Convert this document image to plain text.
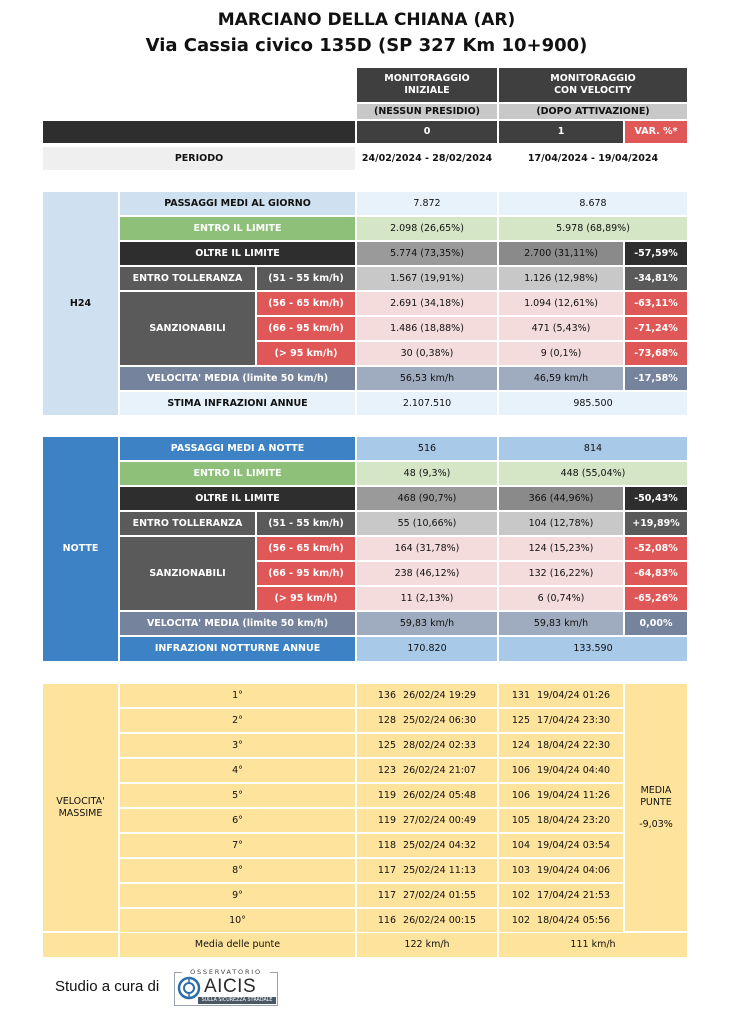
MARCIANO DELLA CHIANA (AR)
Via Cassia civico 135D (SP 327 Km 10+900)
MONITORAGGIO
INIZIALE
MONITORAGGIO
CON VELOCITY
(NESSUN PRESIDIO)	(DOPO ATTIVAZIONE)
0	1	VAR. %*
PERIODO	24/02/2024 - 28/02/2024	17/04/2024 - 19/04/2024
H24
PASSAGGI MEDI AL GIORNO	7.872	8.678
ENTRO IL LIMITE	2.098 (26,65%)	5.978 (68,89%)
OLTRE IL LIMITE	5.774 (73,35%)	2.700 (31,11%)	-57,59%
ENTRO TOLLERANZA	(51 - 55 km/h)	1.567 (19,91%)	1.126 (12,98%)	-34,81%
SANZIONABILI
(56 - 65 km/h)	2.691 (34,18%)	1.094 (12,61%)	-63,11%
(66 - 95 km/h)	1.486 (18,88%)	471 (5,43%)	-71,24%
(> 95 km/h)	30 (0,38%)	9 (0,1%)	-73,68%
VELOCITA' MEDIA (limite 50 km/h)	56,53 km/h	46,59 km/h	-17,58%
STIMA INFRAZIONI ANNUE	2.107.510	985.500
NOTTE
PASSAGGI MEDI A NOTTE	516	814
ENTRO IL LIMITE	48 (9,3%)	448 (55,04%)
OLTRE IL LIMITE	468 (90,7%)	366 (44,96%)	-50,43%
ENTRO TOLLERANZA	(51 - 55 km/h)	55 (10,66%)	104 (12,78%)	+19,89%
SANZIONABILI
(56 - 65 km/h)	164 (31,78%)	124 (15,23%)	-52,08%
(66 - 95 km/h)	238 (46,12%)	132 (16,22%)	-64,83%
(> 95 km/h)	11 (2,13%)	6 (0,74%)	-65,26%
VELOCITA' MEDIA (limite 50 km/h)	59,83 km/h	59,83 km/h	0,00%
INFRAZIONI NOTTURNE ANNUE	170.820	133.590
VELOCITA'
MASSIME
MEDIA
PUNTE
-9,03%
1°	136 26/02/24 19:29	131 19/04/24 01:26
2°	128 25/02/24 06:30	125 17/04/24 23:30
3°	125 28/02/24 02:33	124 18/04/24 22:30
4°	123 26/02/24 21:07	106 19/04/24 04:40
5°	119 26/02/24 05:48	106 19/04/24 11:26
6°	119 27/02/24 00:49	105 18/04/24 23:20
7°	118 25/02/24 04:32	104 19/04/24 03:54
8°	117 25/02/24 11:13	103 19/04/24 04:06
9°	117 27/02/24 01:55	102 17/04/24 21:53
10°	116 26/02/24 00:15	102 18/04/24 05:56
Media delle punte	122 km/h	111 km/h
Studio a cura di
OSSERVATORIO
AICIS
SULLA SICUREZZA STRADALE
